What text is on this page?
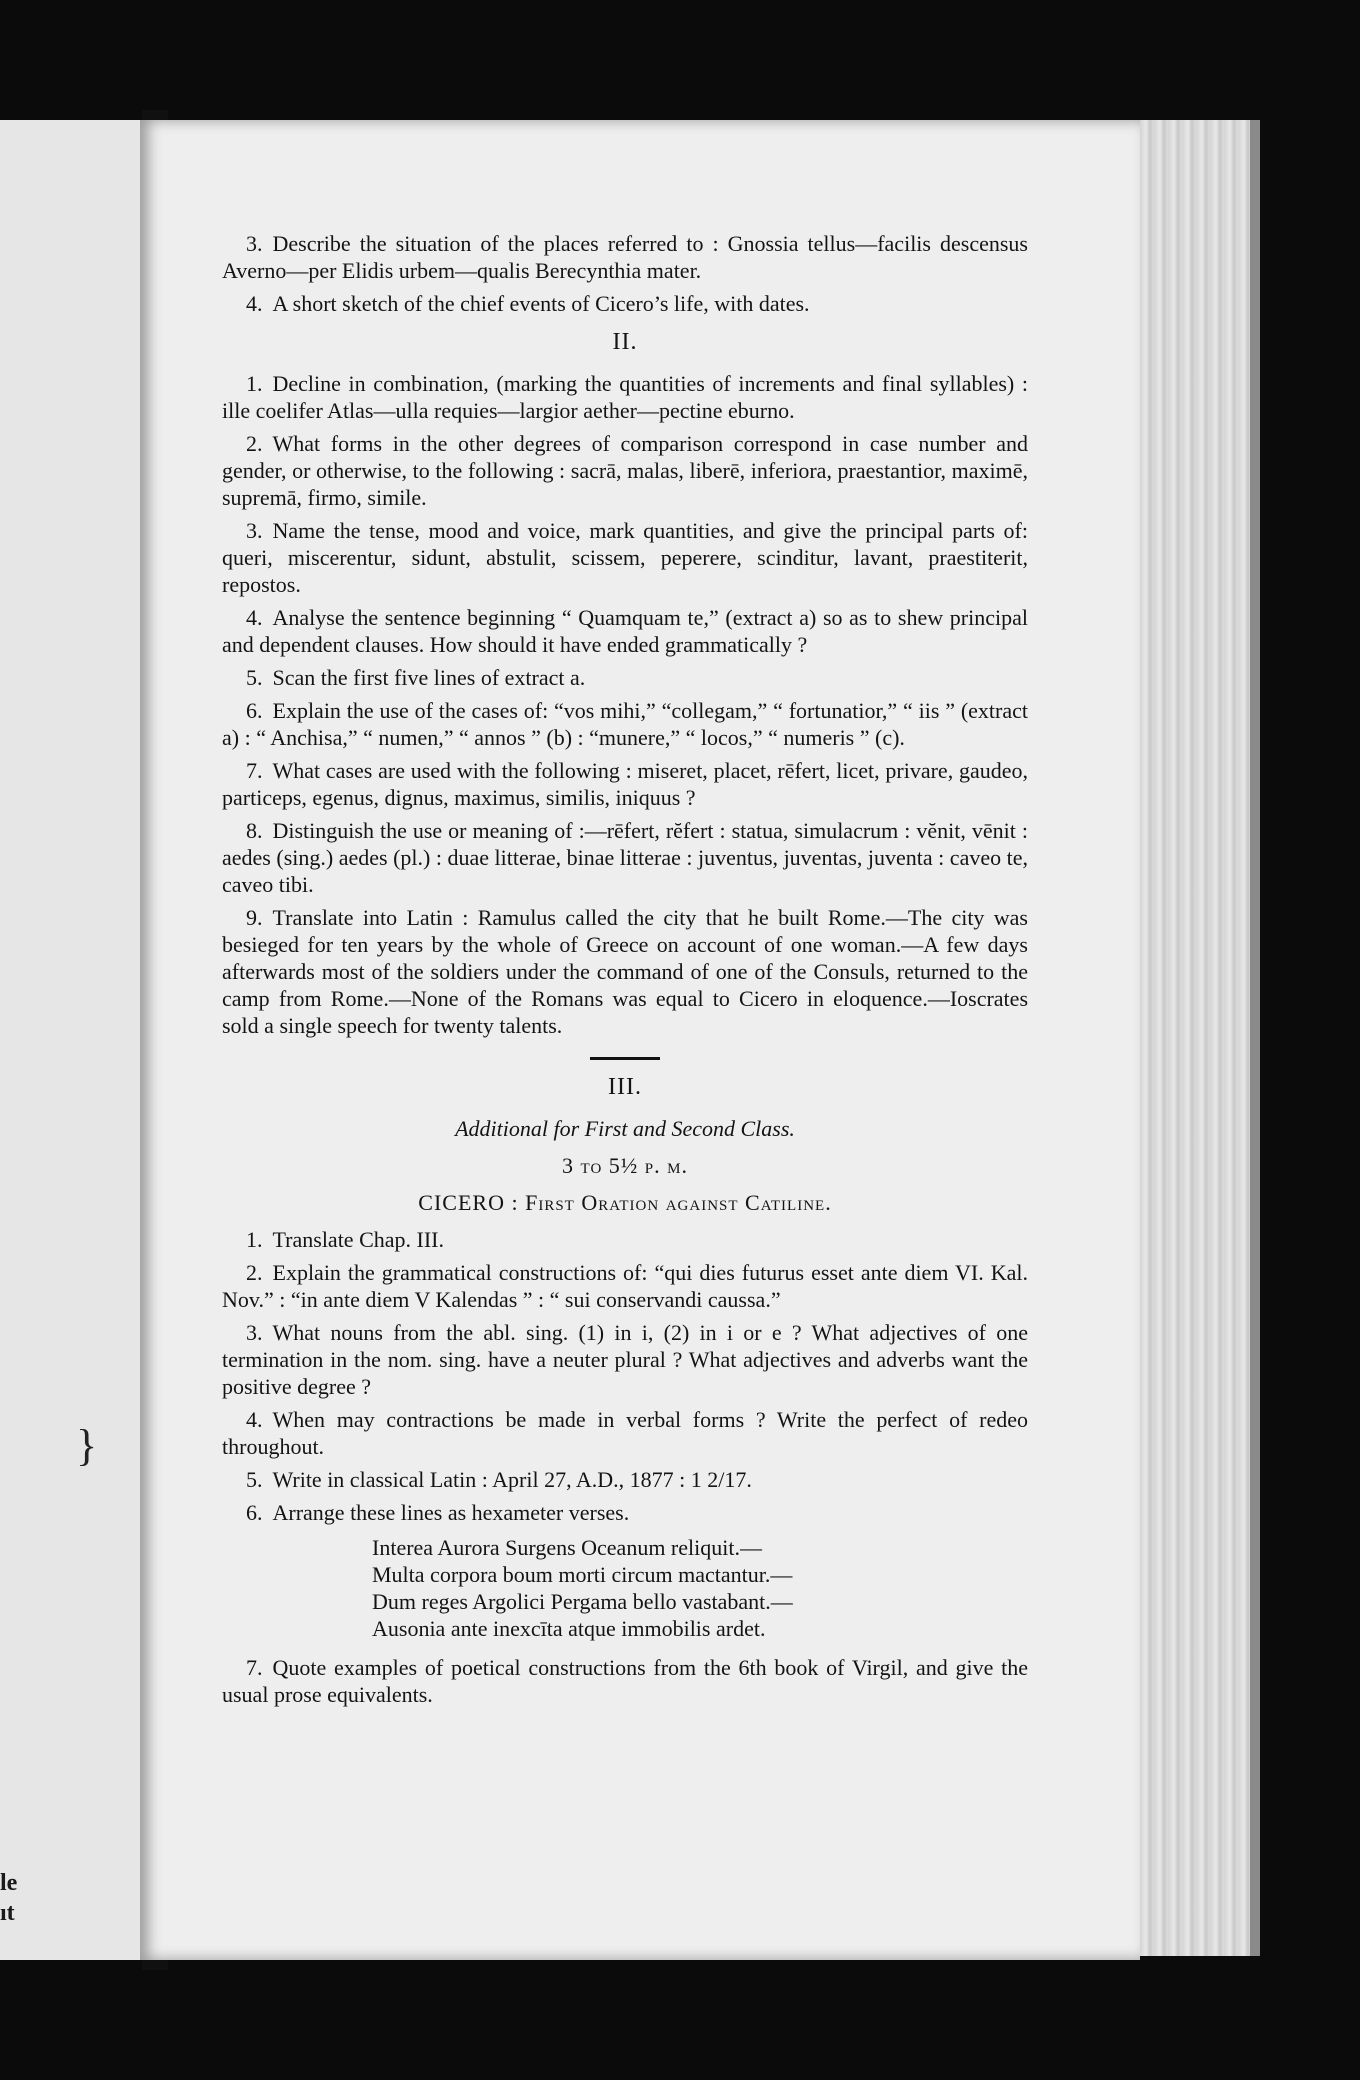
le
ıt
}

3. Describe the situation of the places referred to : Gnossia tellus—facilis descensus Averno—per Elidis urbem—qualis Berecynthia mater.

4. A short sketch of the chief events of Cicero’s life, with dates.

II.

1. Decline in combination, (marking the quantities of increments and final syllables) : ille coelifer Atlas—ulla requies—largior aether—pectine eburno.

2. What forms in the other degrees of comparison correspond in case number and gender, or otherwise, to the following : sacrā, malas, liberē, inferiora, praestantior, maximē, supremā, firmo, simile.

3. Name the tense, mood and voice, mark quantities, and give the principal parts of: queri, miscerentur, sidunt, abstulit, scissem, peperere, scinditur, lavant, praestiterit, repostos.

4. Analyse the sentence beginning “ Quamquam te,” (extract a) so as to shew principal and dependent clauses. How should it have ended grammatically ?

5. Scan the first five lines of extract a.

6. Explain the use of the cases of: “vos mihi,” “collegam,” “ fortunatior,” “ iis ” (extract a) : “ Anchisa,” “ numen,” “ annos ” (b) : “munere,” “ locos,” “ numeris ” (c).

7. What cases are used with the following : miseret, placet, rēfert, licet, privare, gaudeo, particeps, egenus, dignus, maximus, similis, iniquus ?

8. Distinguish the use or meaning of :—rēfert, rĕfert : statua, simulacrum : vĕnit, vēnit : aedes (sing.) aedes (pl.) : duae litterae, binae litterae : juventus, juventas, juventa : caveo te, caveo tibi.

9. Translate into Latin : Ramulus called the city that he built Rome.—The city was besieged for ten years by the whole of Greece on account of one woman.—A few days afterwards most of the soldiers under the command of one of the Consuls, returned to the camp from Rome.—None of the Romans was equal to Cicero in eloquence.—Ioscrates sold a single speech for twenty talents.

III.
Additional for First and Second Class.
3 to 5½ p. m.
CICERO : First Oration against Catiline.

1. Translate Chap. III.

2. Explain the grammatical constructions of: “qui dies futurus esset ante diem VI. Kal. Nov.” : “in ante diem V Kalendas ” : “ sui conservandi caussa.”

3. What nouns from the abl. sing. (1) in i, (2) in i or e ? What adjectives of one termination in the nom. sing. have a neuter plural ? What adjectives and adverbs want the positive degree ?

4. When may contractions be made in verbal forms ? Write the perfect of redeo throughout.

5. Write in classical Latin : April 27, A.D., 1877 : 1 2/17.

6. Arrange these lines as hexameter verses.

Interea Aurora Surgens Oceanum reliquit.—
Multa corpora boum morti circum mactantur.—
Dum reges Argolici Pergama bello vastabant.—
Ausonia ante inexcīta atque immobilis ardet.

7. Quote examples of poetical constructions from the 6th book of Virgil, and give the usual prose equivalents.
